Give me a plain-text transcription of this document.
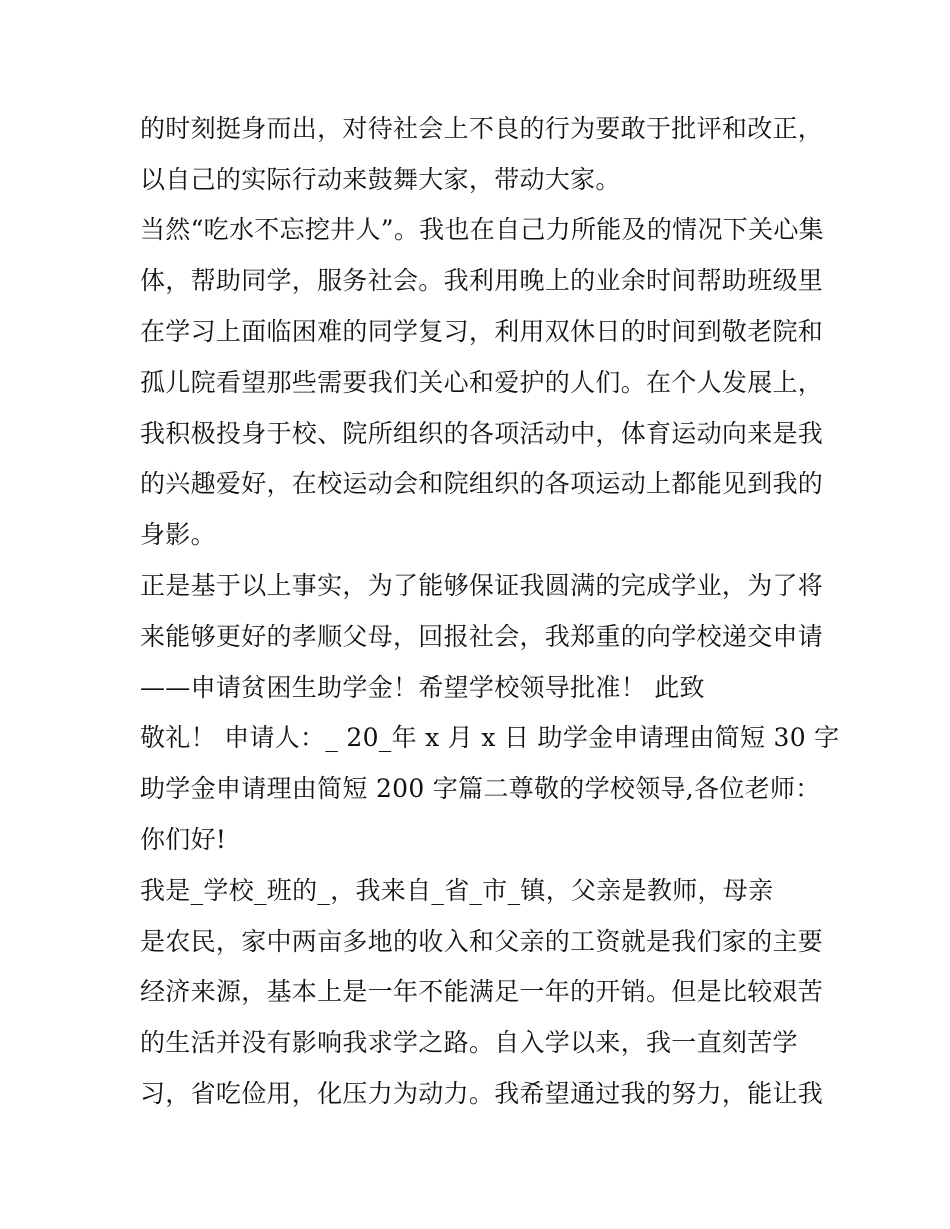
的时刻挺身而出，对待社会上不良的行为要敢于批评和改正，
以自己的实际行动来鼓舞大家，带动大家。
当然“吃水不忘挖井人”。我也在自己力所能及的情况下关心集
体，帮助同学，服务社会。我利用晚上的业余时间帮助班级里
在学习上面临困难的同学复习，利用双休日的时间到敬老院和
孤儿院看望那些需要我们关心和爱护的人们。在个人发展上，
我积极投身于校、院所组织的各项活动中，体育运动向来是我
的兴趣爱好，在校运动会和院组织的各项运动上都能见到我的
身影。
正是基于以上事实，为了能够保证我圆满的完成学业，为了将
来能够更好的孝顺父母，回报社会，我郑重的向学校递交申请
——申请贫困生助学金！希望学校领导批准！ 此致
敬礼！ 申请人：_ 20_年 x 月 x 日 助学金申请理由简短 30 字
助学金申请理由简短 200 字篇二尊敬的学校领导,各位老师：
你们好!
我是_学校_班的_，我来自_省_市_镇，父亲是教师，母亲
是农民，家中两亩多地的收入和父亲的工资就是我们家的主要
经济来源，基本上是一年不能满足一年的开销。但是比较艰苦
的生活并没有影响我求学之路。自入学以来，我一直刻苦学
习，省吃俭用，化压力为动力。我希望通过我的努力，能让我
